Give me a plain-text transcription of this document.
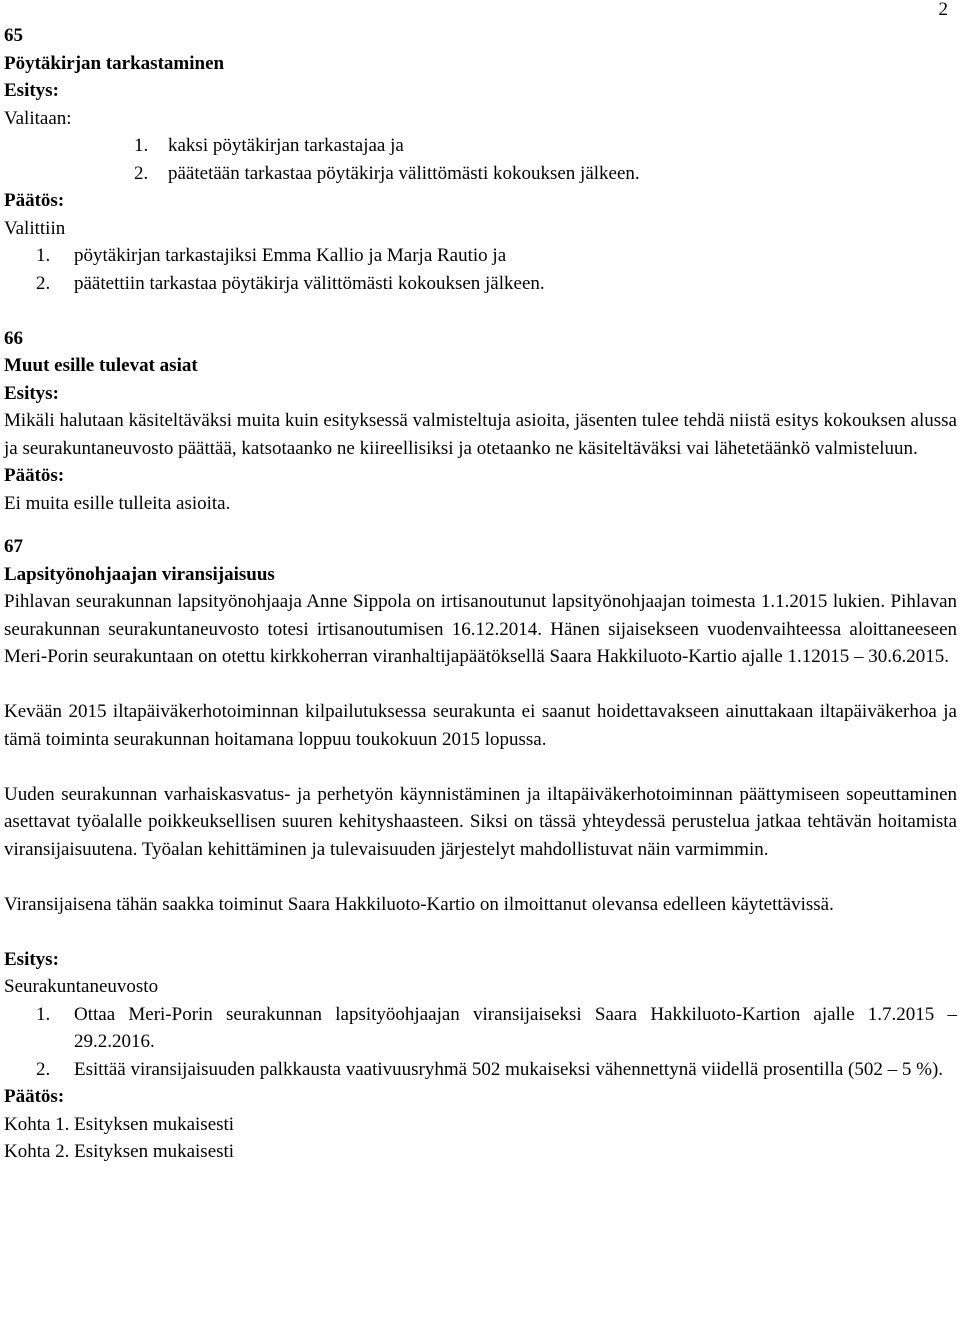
2
65
Pöytäkirjan tarkastaminen
Esitys:
Valitaan:
1.	kaksi pöytäkirjan tarkastajaa ja
2.	päätetään tarkastaa pöytäkirja välittömästi kokouksen jälkeen.
Päätös:
Valittiin
1. pöytäkirjan tarkastajiksi Emma Kallio ja Marja Rautio ja
2. päätettiin tarkastaa pöytäkirja välittömästi kokouksen jälkeen.
66
Muut esille tulevat asiat
Esitys:

Mikäli halutaan käsiteltäväksi muita kuin esityksessä valmisteltuja asioita, jäsenten tulee tehdä niistä esitys kokouksen alussa ja seurakuntaneuvosto päättää, katsotaanko ne kiireellisiksi ja otetaanko ne käsiteltäväksi vai lähetetäänkö valmisteluun.

Päätös:
Ei muita esille tulleita asioita.
67
Lapsityönohjaajan viransijaisuus

Pihlavan seurakunnan lapsityönohjaaja Anne Sippola on irtisanoutunut lapsityönohjaajan toimesta 1.1.2015 lukien. Pihlavan seurakunnan seurakuntaneuvosto totesi irtisanoutumisen 16.12.2014. Hänen sijaisekseen vuodenvaihteessa aloittaneeseen Meri-Porin seurakuntaan on otettu kirkkoherran viranhaltijapäätöksellä Saara Hakkiluoto-Kartio ajalle 1.12015 – 30.6.2015.

Kevään 2015 iltapäiväkerhotoiminnan kilpailutuksessa seurakunta ei saanut hoidettavakseen ainuttakaan iltapäiväkerhoa ja tämä toiminta seurakunnan hoitamana loppuu toukokuun 2015 lopussa.

Uuden seurakunnan varhaiskasvatus- ja perhetyön käynnistäminen ja iltapäiväkerhotoiminnan päättymiseen sopeuttaminen asettavat työalalle poikkeuksellisen suuren kehityshaasteen. Siksi on tässä yhteydessä perustelua jatkaa tehtävän hoitamista viransijaisuutena. Työalan kehittäminen ja tulevaisuuden järjestelyt mahdollistuvat näin varmimmin.

Viransijaisena tähän saakka toiminut Saara Hakkiluoto-Kartio on ilmoittanut olevansa edelleen käytettävissä.

Esitys:
Seurakuntaneuvosto
1. Ottaa Meri-Porin seurakunnan lapsityöohjaajan viransijaiseksi Saara Hakkiluoto-Kartion ajalle 1.7.2015 – 29.2.2016.
2. Esittää viransijaisuuden palkkausta vaativuusryhmä 502 mukaiseksi vähennettynä viidellä prosentilla (502 – 5 %).
Päätös:
Kohta 1. Esityksen mukaisesti
Kohta 2. Esityksen mukaisesti
